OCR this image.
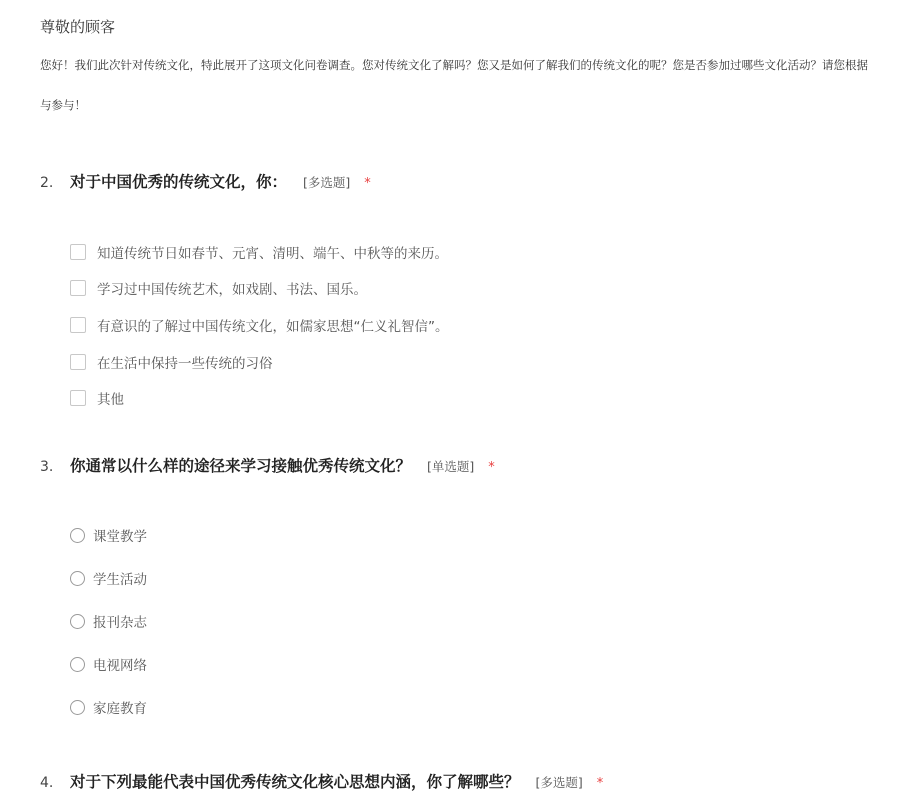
尊敬的顾客
您好！我们此次针对传统文化，特此展开了这项文化问卷调查。您对传统文化了解吗？您又是如何了解我们的传统文化的呢？您是否参加过哪些文化活动？请您根据
与参与！
2.	对于中国优秀的传统文化，你： [多选题] *
知道传统节日如春节、元宵、清明、端午、中秋等的来历。
学习过中国传统艺术，如戏剧、书法、国乐。
有意识的了解过中国传统文化，如儒家思想“仁义礼智信”。
在生活中保持一些传统的习俗
其他
3.	你通常以什么样的途径来学习接触优秀传统文化？ [单选题] *
课堂教学
学生活动
报刊杂志
电视网络
家庭教育
4.	对于下列最能代表中国优秀传统文化核心思想内涵，你了解哪些？ [多选题] *
